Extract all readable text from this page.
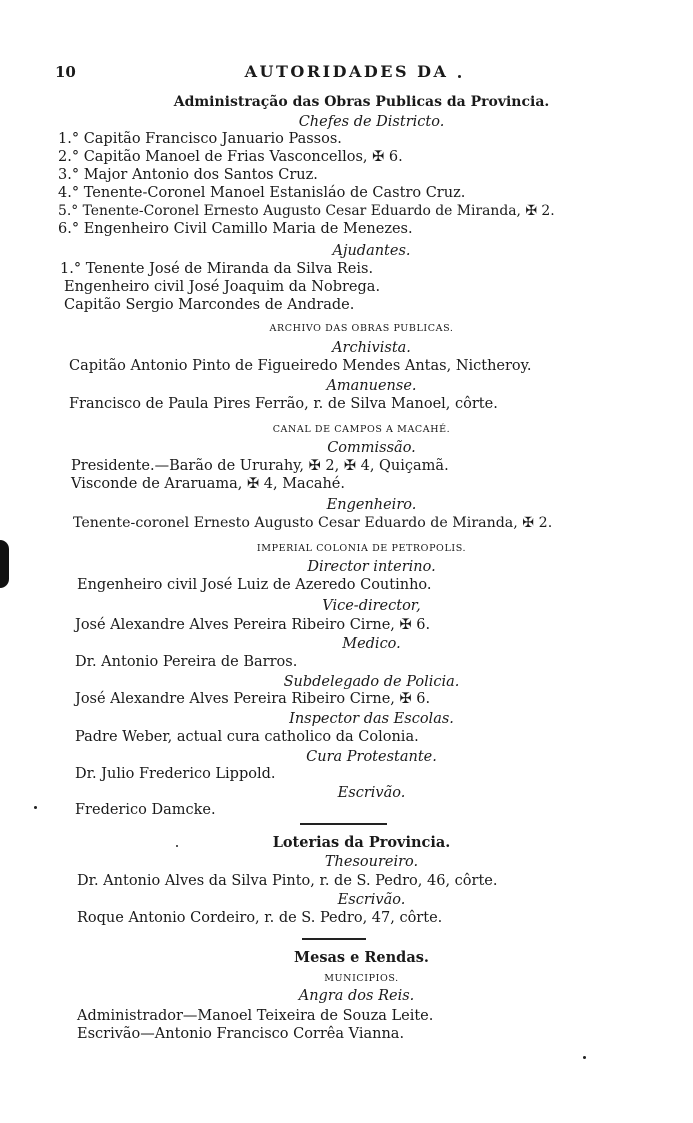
10	AUTORIDADES DA
Administração das Obras Publicas da Provincia.
Chefes de Districto.
1.° Capitão Francisco Januario Passos.
2.° Capitão Manoel de Frias Vasconcellos, ✠ 6.
3.° Major Antonio dos Santos Cruz.
4.° Tenente-Coronel Manoel Estanisláo de Castro Cruz.
5.° Tenente-Coronel Ernesto Augusto Cesar Eduardo de Miranda, ✠ 2.
6.° Engenheiro Civil Camillo Maria de Menezes.
Ajudantes.
1.° Tenente José de Miranda da Silva Reis.
Engenheiro civil José Joaquim da Nobrega.
Capitão Sergio Marcondes de Andrade.
ARCHIVO DAS OBRAS PUBLICAS.
Archivista.
Capitão Antonio Pinto de Figueiredo Mendes Antas, Nictheroy.
Amanuense.
Francisco de Paula Pires Ferrão, r. de Silva Manoel, côrte.
CANAL DE CAMPOS A MACAHÉ.
Commissão.
Presidente.—Barão de Ururahy, ✠ 2, ✠ 4, Quiçamã.
Visconde de Araruama, ✠ 4, Macahé.
Engenheiro.
Tenente-coronel Ernesto Augusto Cesar Eduardo de Miranda, ✠ 2.
IMPERIAL COLONIA DE PETROPOLIS.
Director interino.
Engenheiro civil José Luiz de Azeredo Coutinho.
Vice-director,
José Alexandre Alves Pereira Ribeiro Cirne, ✠ 6.
Medico.
Dr. Antonio Pereira de Barros.
Subdelegado de Policia.
José Alexandre Alves Pereira Ribeiro Cirne, ✠ 6.
Inspector das Escolas.
Padre Weber, actual cura catholico da Colonia.
Cura Protestante.
Dr. Julio Frederico Lippold.
Escrivão.
Frederico Damcke.
Loterias da Provincia.
Thesoureiro.
Dr. Antonio Alves da Silva Pinto, r. de S. Pedro, 46, côrte.
Escrivão.
Roque Antonio Cordeiro, r. de S. Pedro, 47, côrte.
Mesas e Rendas.
MUNICIPIOS.
Angra dos Reis.
Administrador—Manoel Teixeira de Souza Leite.
Escrivão—Antonio Francisco Corrêa Vianna.
